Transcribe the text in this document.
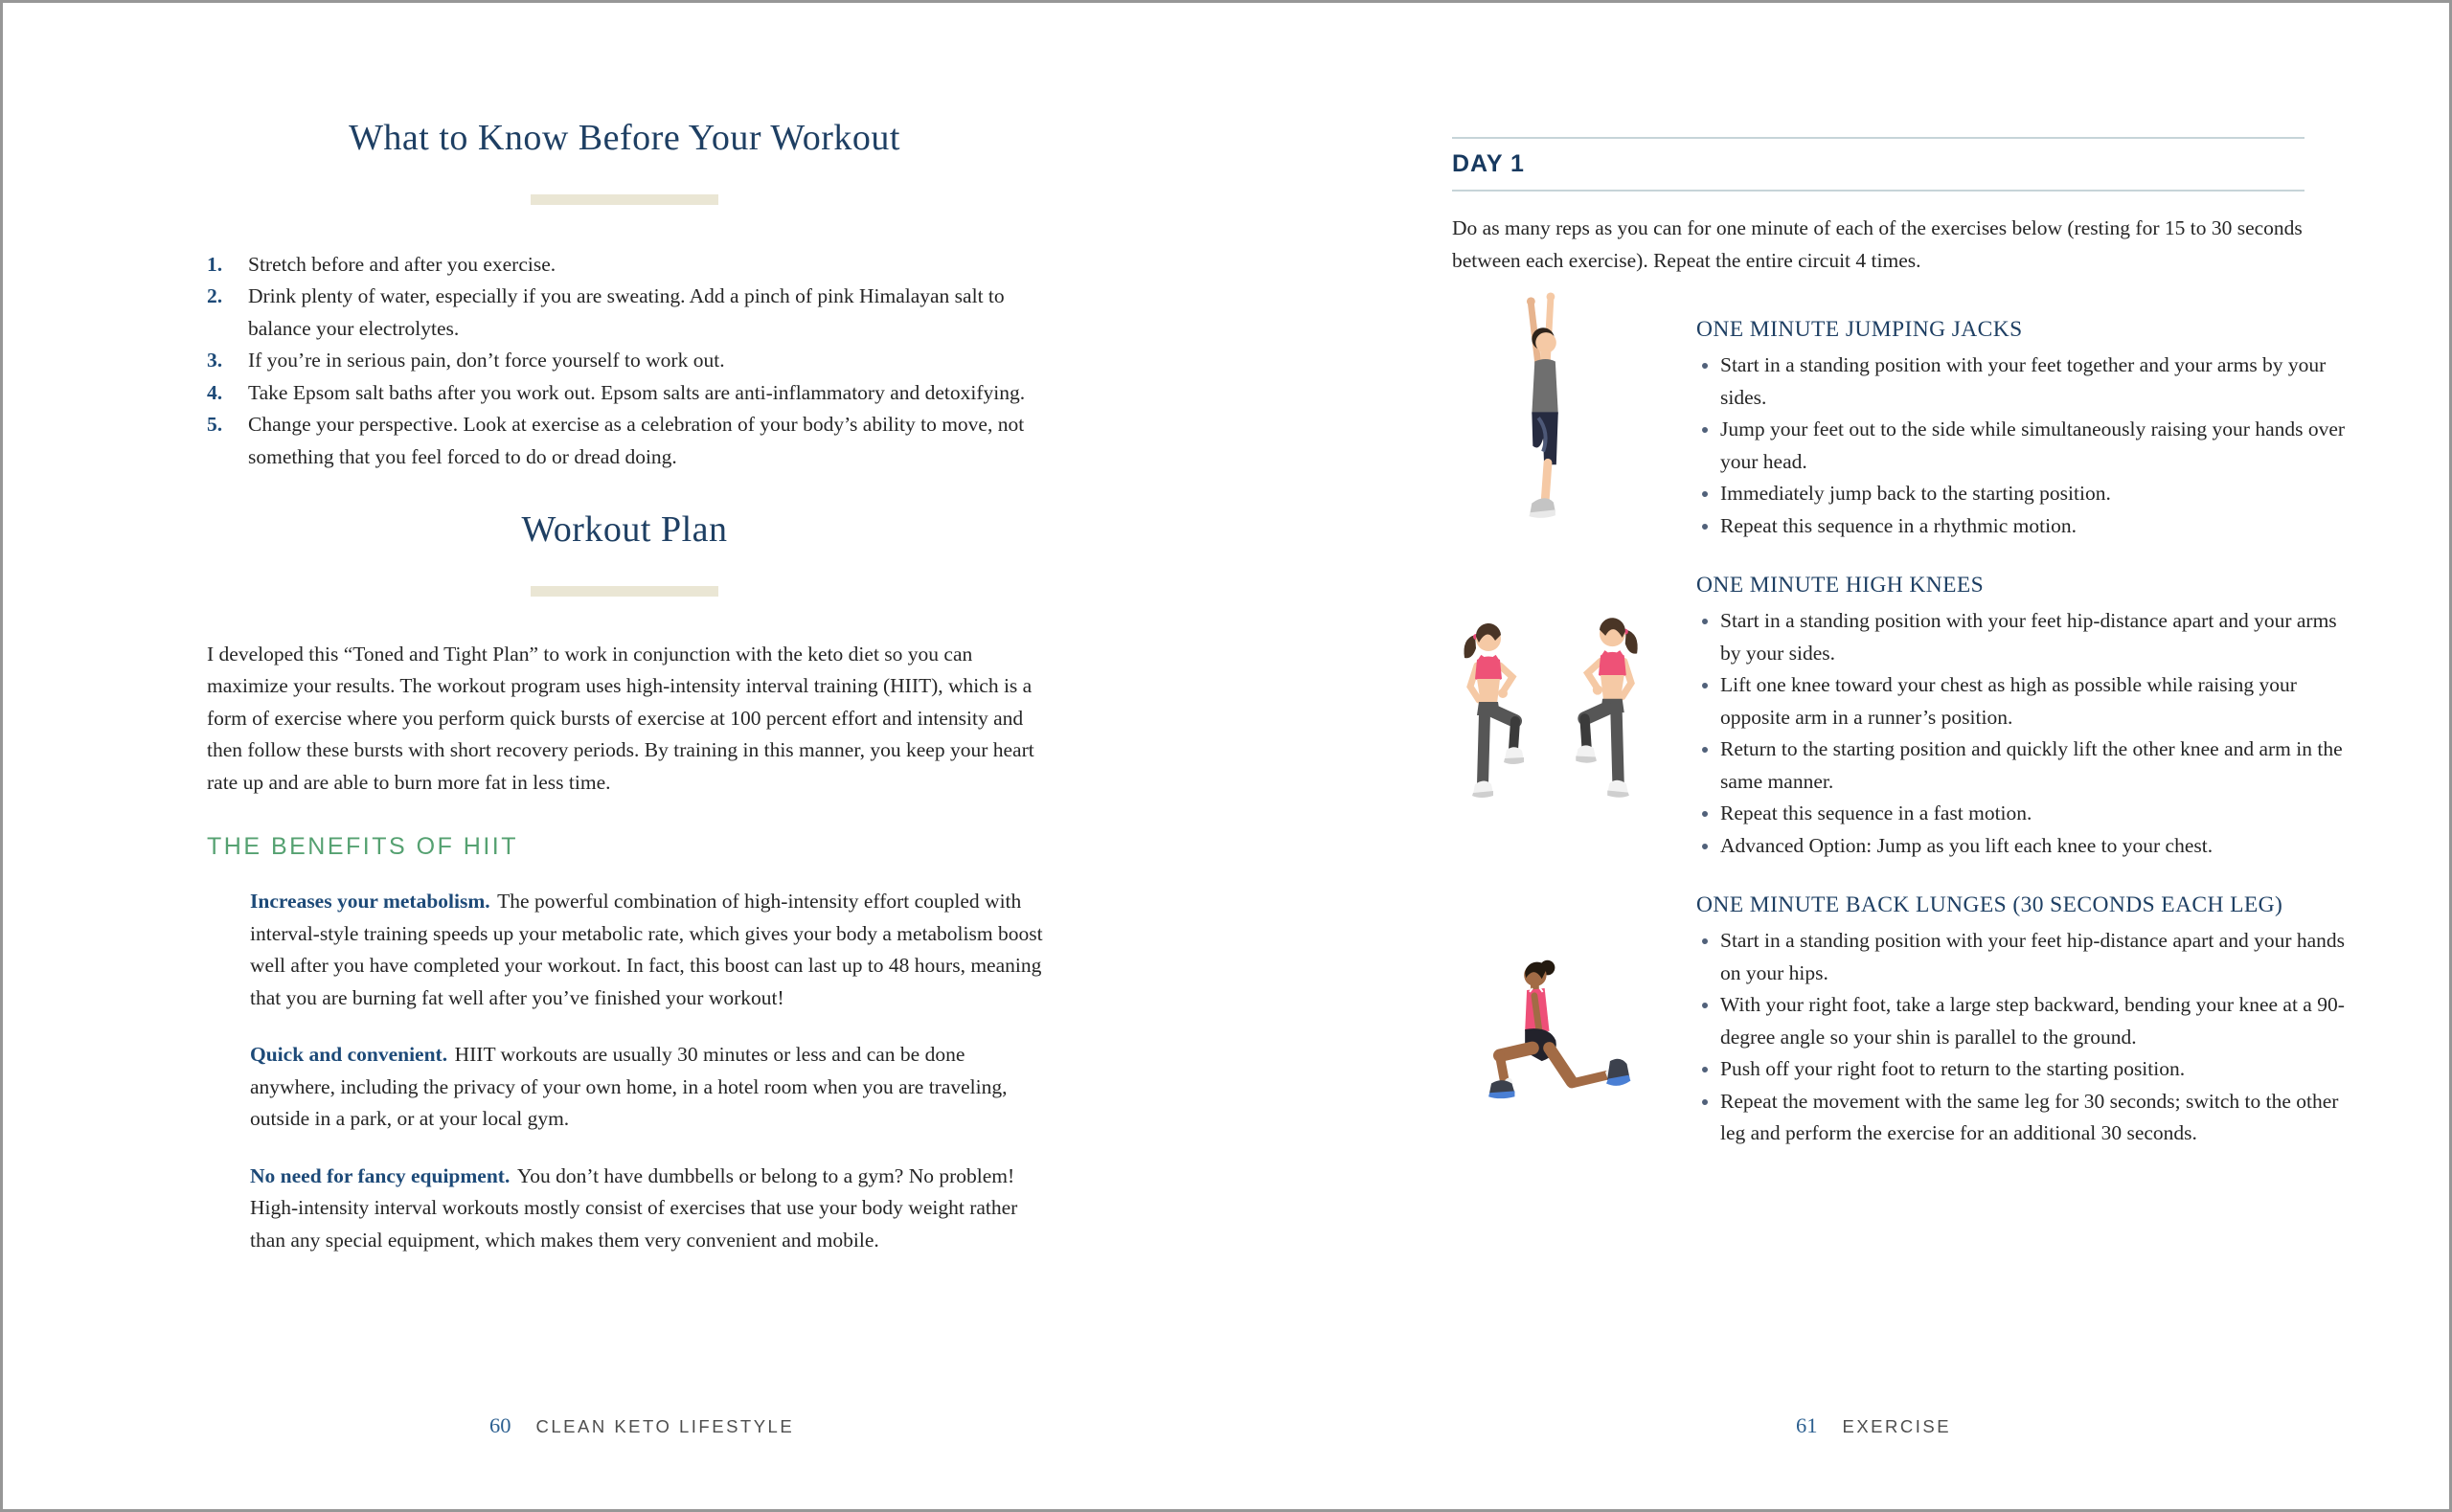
What to Know Before Your Workout
1.	Stretch before and after you exercise.
2.	Drink plenty of water, especially if you are sweating. Add a pinch of pink Himalayan salt to balance your electrolytes.
3.	If you’re in serious pain, don’t force yourself to work out.
4.	Take Epsom salt baths after you work out. Epsom salts are anti-inflammatory and detoxifying.
5.	Change your perspective. Look at exercise as a celebration of your body’s ability to move, not something that you feel forced to do or dread doing.
Workout Plan

I developed this “Toned and Tight Plan” to work in conjunction with the keto diet so you can maximize your results. The workout program uses high-intensity interval training (HIIT), which is a form of exercise where you perform quick bursts of exercise at 100 percent effort and intensity and then follow these bursts with short recovery periods. By training in this manner, you keep your heart rate up and are able to burn more fat in less time.

THE BENEFITS OF HIIT

Increases your metabolism. The powerful combination of high-intensity effort coupled with interval-style training speeds up your metabolic rate, which gives your body a metabolism boost well after you have completed your workout. In fact, this boost can last up to 48 hours, meaning that you are burning fat well after you’ve finished your workout!

Quick and convenient. HIIT workouts are usually 30 minutes or less and can be done anywhere, including the privacy of your own home, in a hotel room when you are traveling, outside in a park, or at your local gym.

No need for fancy equipment. You don’t have dumbbells or belong to a gym? No problem! High-intensity interval workouts mostly consist of exercises that use your body weight rather than any special equipment, which makes them very convenient and mobile.

DAY 1

Do as many reps as you can for one minute of each of the exercises below (resting for 15 to 30 seconds between each exercise). Repeat the entire circuit 4 times.

ONE MINUTE JUMPING JACKS
Start in a standing position with your feet together and your arms by your sides.
Jump your feet out to the side while simultaneously raising your hands over your head.
Immediately jump back to the starting position.
Repeat this sequence in a rhythmic motion.
ONE MINUTE HIGH KNEES
Start in a standing position with your feet hip-distance apart and your arms by your sides.
Lift one knee toward your chest as high as possible while raising your opposite arm in a runner’s position.
Return to the starting position and quickly lift the other knee and arm in the same manner.
Repeat this sequence in a fast motion.
Advanced Option: Jump as you lift each knee to your chest.
ONE MINUTE BACK LUNGES (30 SECONDS EACH LEG)
Start in a standing position with your feet hip-distance apart and your hands on your hips.
With your right foot, take a large step backward, bending your knee at a 90-degree angle so your shin is parallel to the ground.
Push off your right foot to return to the starting position.
Repeat the movement with the same leg for 30 seconds; switch to the other leg and perform the exercise for an additional 30 seconds.
60 CLEAN KETO LIFESTYLE	61 EXERCISE
